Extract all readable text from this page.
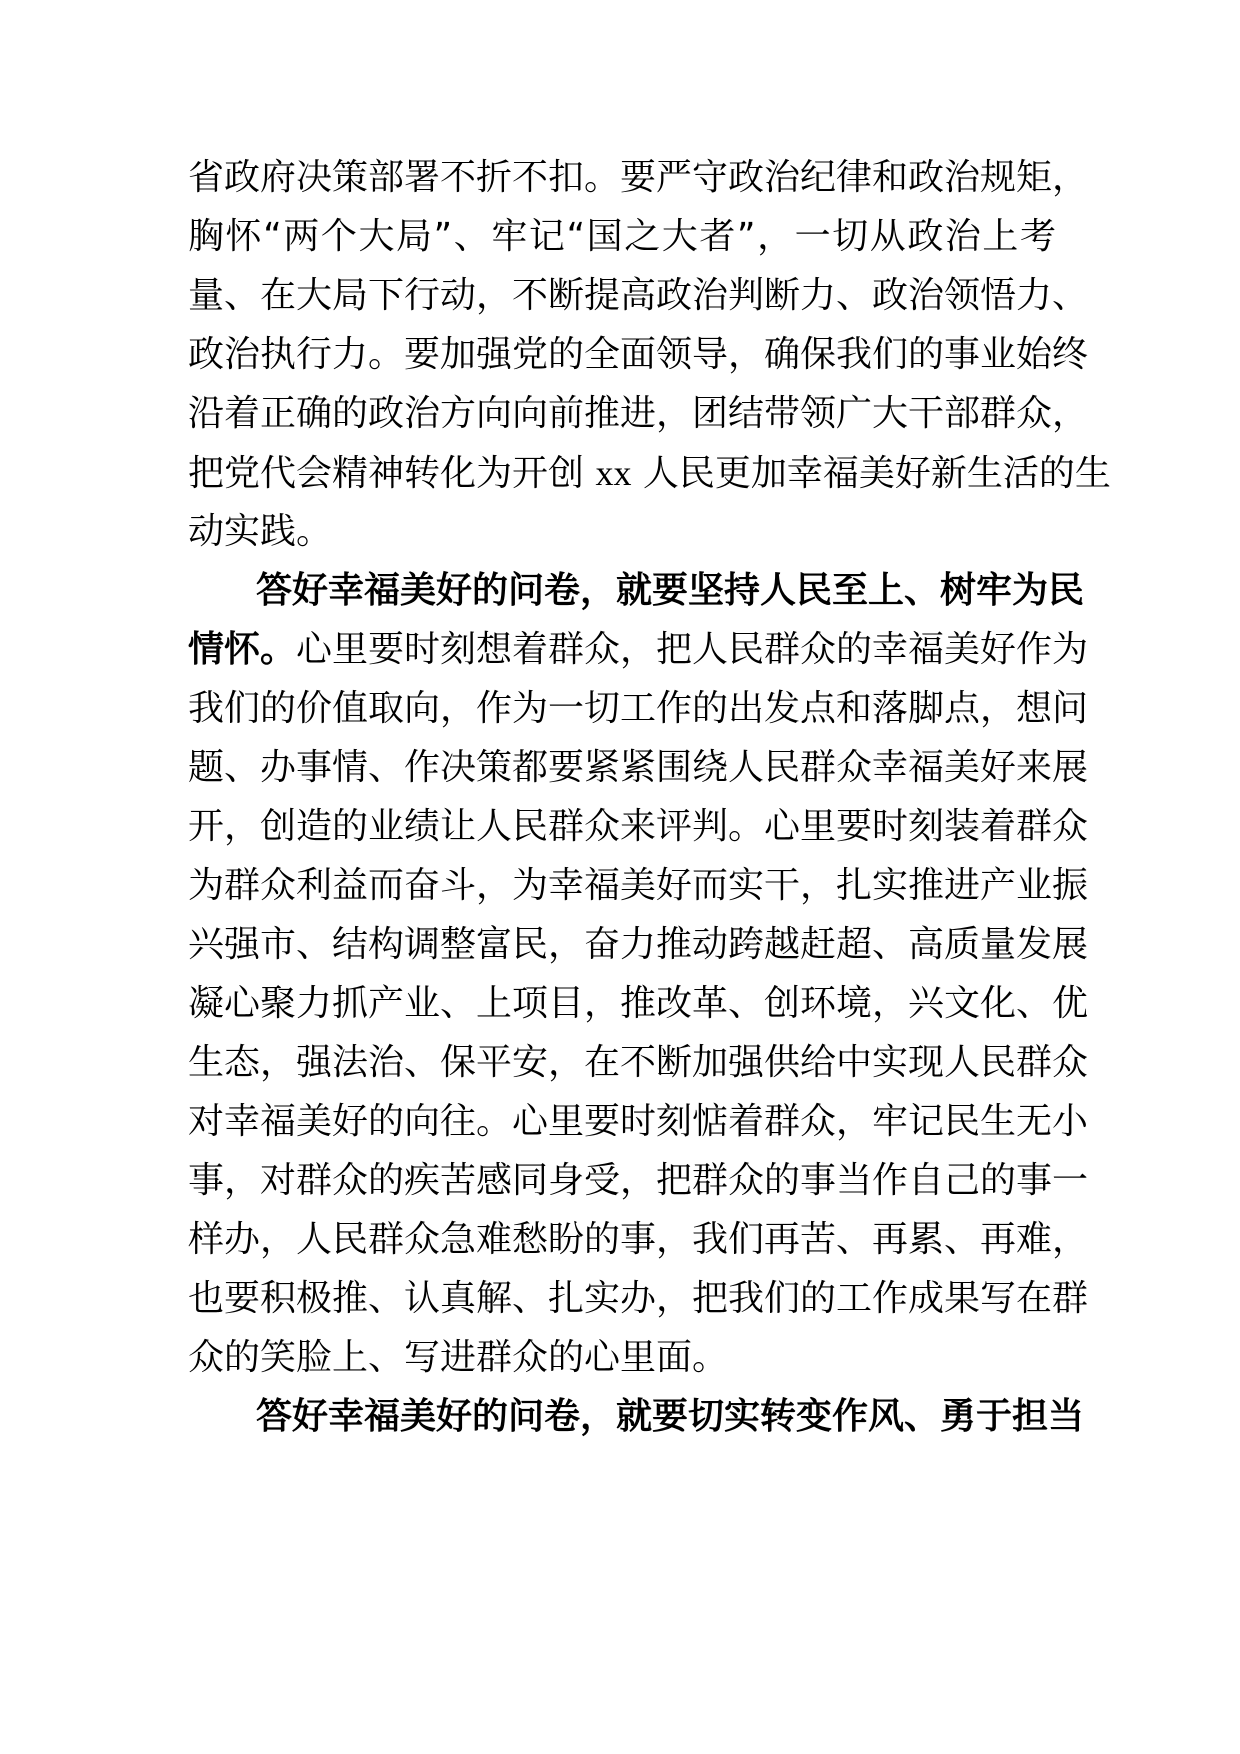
省政府决策部署不折不扣。要严守政治纪律和政治规矩，
胸怀“两个大局”、牢记“国之大者”，一切从政治上考
量、在大局下行动，不断提高政治判断力、政治领悟力、
政治执行力。要加强党的全面领导，确保我们的事业始终
沿着正确的政治方向向前推进，团结带领广大干部群众，
把党代会精神转化为开创 xx 人民更加幸福美好新生活的生
动实践。
答好幸福美好的问卷，就要坚持人民至上、树牢为民
情怀。心里要时刻想着群众，把人民群众的幸福美好作为
我们的价值取向，作为一切工作的出发点和落脚点，想问
题、办事情、作决策都要紧紧围绕人民群众幸福美好来展
开，创造的业绩让人民群众来评判。心里要时刻装着群众
为群众利益而奋斗，为幸福美好而实干，扎实推进产业振
兴强市、结构调整富民，奋力推动跨越赶超、高质量发展
凝心聚力抓产业、上项目，推改革、创环境，兴文化、优
生态，强法治、保平安，在不断加强供给中实现人民群众
对幸福美好的向往。心里要时刻惦着群众，牢记民生无小
事，对群众的疾苦感同身受，把群众的事当作自己的事一
样办，人民群众急难愁盼的事，我们再苦、再累、再难，
也要积极推、认真解、扎实办，把我们的工作成果写在群
众的笑脸上、写进群众的心里面。
答好幸福美好的问卷，就要切实转变作风、勇于担当
